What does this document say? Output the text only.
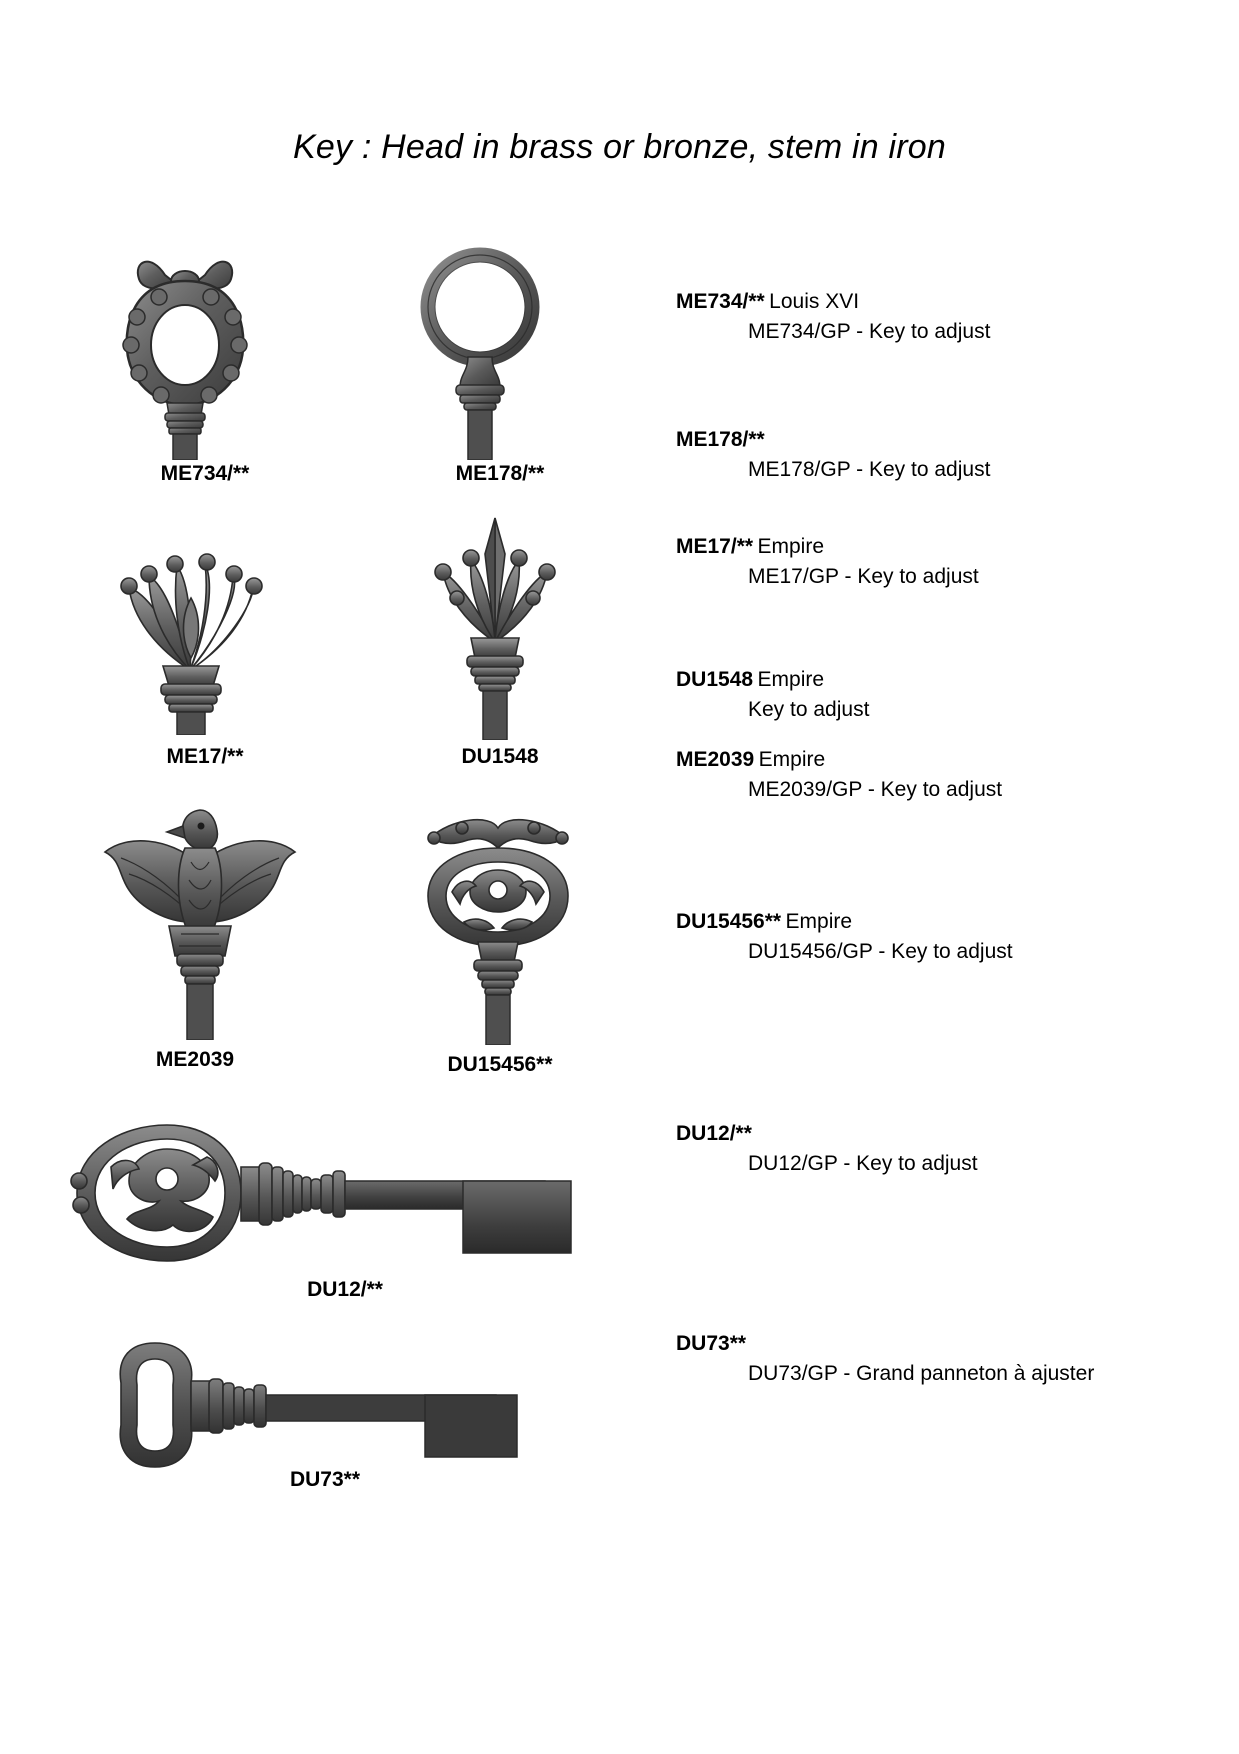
Key : Head in brass or bronze, stem in iron
ME734/**	ME178/**
ME17/**	DU1548
ME2039	DU15456**
DU12/**
DU73**
ME734/** Louis XVI
ME734/GP - Key to adjust
ME178/**
ME178/GP - Key to adjust
ME17/** Empire
ME17/GP - Key to adjust
DU1548 Empire
Key to adjust
ME2039 Empire
ME2039/GP - Key to adjust
DU15456** Empire
DU15456/GP - Key to adjust
DU12/**
DU12/GP - Key to adjust
DU73**
DU73/GP - Grand panneton à ajuster
